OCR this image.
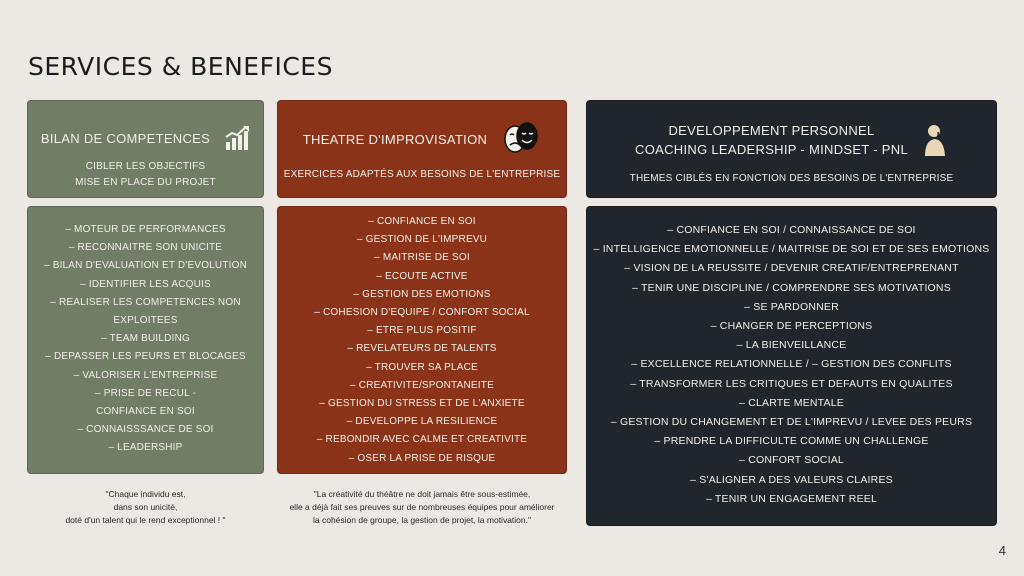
SERVICES & BENEFICES
BILAN DE COMPETENCES
CIBLER LES OBJECTIFS
MISE EN PLACE DU PROJET
THEATRE D'IMPROVISATION
EXERCICES ADAPTÉS AUX BESOINS DE L'ENTREPRISE
DEVELOPPEMENT PERSONNEL
COACHING LEADERSHIP - MINDSET - PNL
THEMES CIBLÉS EN FONCTION DES BESOINS DE L'ENTREPRISE
– MOTEUR DE PERFORMANCES
– RECONNAITRE SON UNICITE
– BILAN D'EVALUATION ET D'EVOLUTION
– IDENTIFIER LES ACQUIS
– REALISER LES COMPETENCES NON
EXPLOITEES
– TEAM BUILDING
– DEPASSER LES PEURS ET BLOCAGES
– VALORISER L'ENTREPRISE
– PRISE DE RECUL -
CONFIANCE EN SOI
– CONNAISSSANCE DE SOI
– LEADERSHIP
– CONFIANCE EN SOI
– GESTION DE L'IMPREVU
– MAITRISE DE SOI
– ECOUTE ACTIVE
– GESTION DES EMOTIONS
– COHESION D'EQUIPE / CONFORT SOCIAL
– ETRE PLUS POSITIF
– REVELATEURS DE TALENTS
– TROUVER SA PLACE
– CREATIVITE/SPONTANEITE
– GESTION DU STRESS ET DE L'ANXIETE
– DEVELOPPE LA RESILIENCE
– REBONDIR AVEC CALME ET CREATIVITE
– OSER LA PRISE DE RISQUE
– CONFIANCE EN SOI / CONNAISSANCE DE SOI
– INTELLIGENCE EMOTIONNELLE / MAITRISE DE SOI ET DE SES EMOTIONS
– VISION DE LA REUSSITE / DEVENIR CREATIF/ENTREPRENANT
– TENIR UNE DISCIPLINE / COMPRENDRE SES MOTIVATIONS
– SE PARDONNER
– CHANGER DE PERCEPTIONS
– LA BIENVEILLANCE
– EXCELLENCE RELATIONNELLE / – GESTION DES CONFLITS
– TRANSFORMER LES CRITIQUES ET DEFAUTS EN QUALITES
– CLARTE MENTALE
– GESTION DU CHANGEMENT ET DE L'IMPREVU / LEVEE DES PEURS
– PRENDRE LA DIFFICULTE COMME UN CHALLENGE
– CONFORT SOCIAL
– S'ALIGNER A DES VALEURS CLAIRES
– TENIR UN ENGAGEMENT REEL
"Chaque individu est,
dans son unicité,
doté d'un talent qui le rend exceptionnel ! "
"La créativité du théâtre ne doit jamais être sous-estimée,
elle a déjà fait ses preuves sur de nombreuses équipes pour améliorer
la cohésion de groupe, la gestion de projet, la motivation."
4
